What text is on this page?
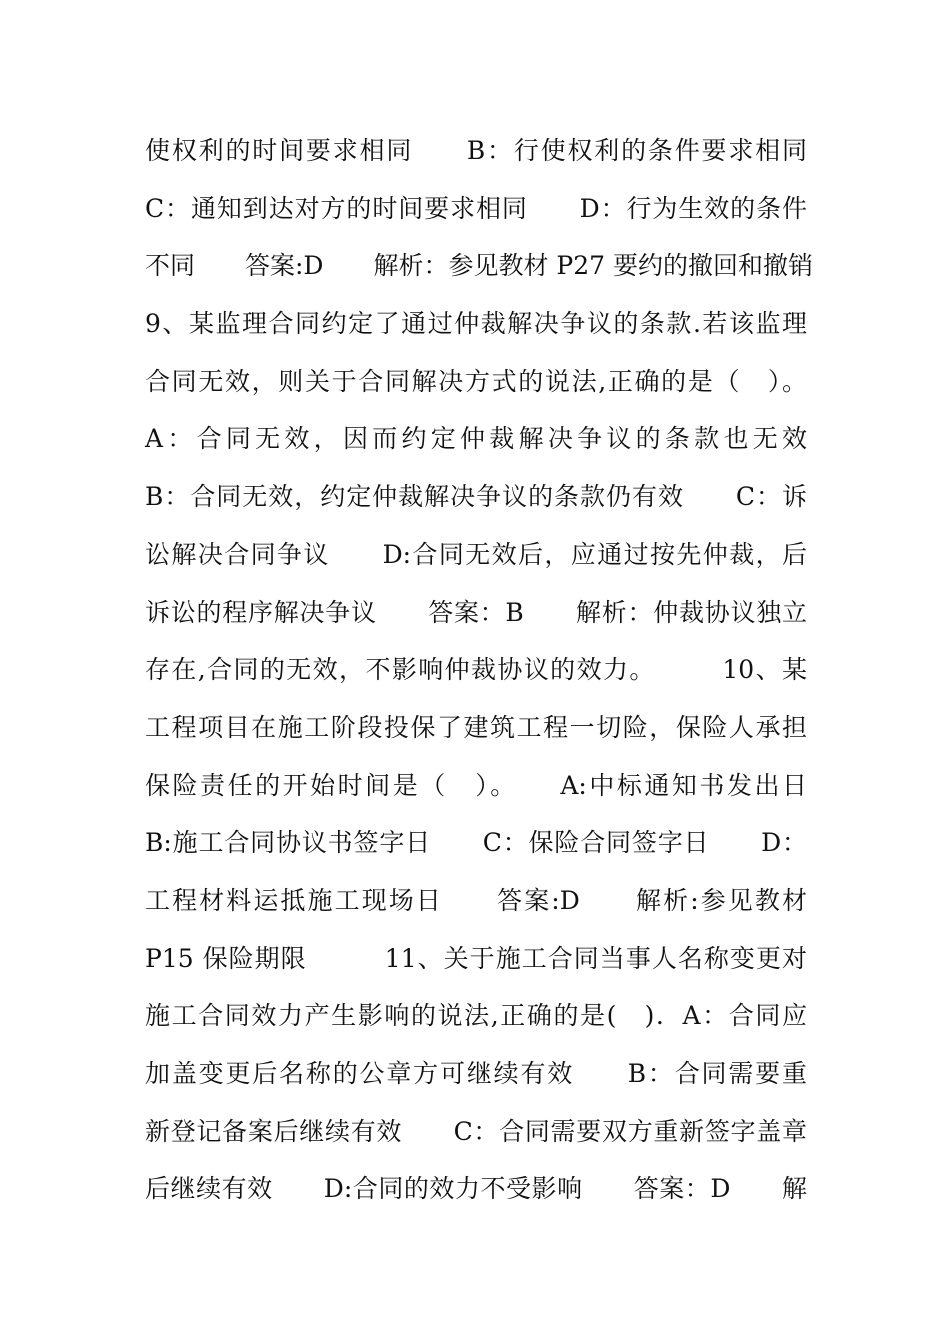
使权利的时间要求相同　　B：行使权利的条件要求相同
C：通知到达对方的时间要求相同　　D：行为生效的条件
不同　　答案:D　　解析：参见教材 P27 要约的撤回和撤销
9、某监理合同约定了通过仲裁解决争议的条款.若该监理
合同无效，则关于合同解决方式的说法,正确的是（　）。
A：合同无效，因而约定仲裁解决争议的条款也无效
B：合同无效，约定仲裁解决争议的条款仍有效　　C：诉
讼解决合同争议　　D:合同无效后，应通过按先仲裁，后
诉讼的程序解决争议　　答案：B　　解析：仲裁协议独立
存在,合同的无效，不影响仲裁协议的效力。　　　10、某
工程项目在施工阶段投保了建筑工程一切险，保险人承担
保险责任的开始时间是（　）。　　A:中标通知书发出日
B:施工合同协议书签字日　　C：保险合同签字日　　D：
工程材料运抵施工现场日　　答案:D　　解析:参见教材
P15 保险期限　　　11、关于施工合同当事人名称变更对
施工合同效力产生影响的说法,正确的是(　)．A：合同应
加盖变更后名称的公章方可继续有效　　B：合同需要重
新登记备案后继续有效　　C：合同需要双方重新签字盖章
后继续有效　　D:合同的效力不受影响　　答案：D　　解
